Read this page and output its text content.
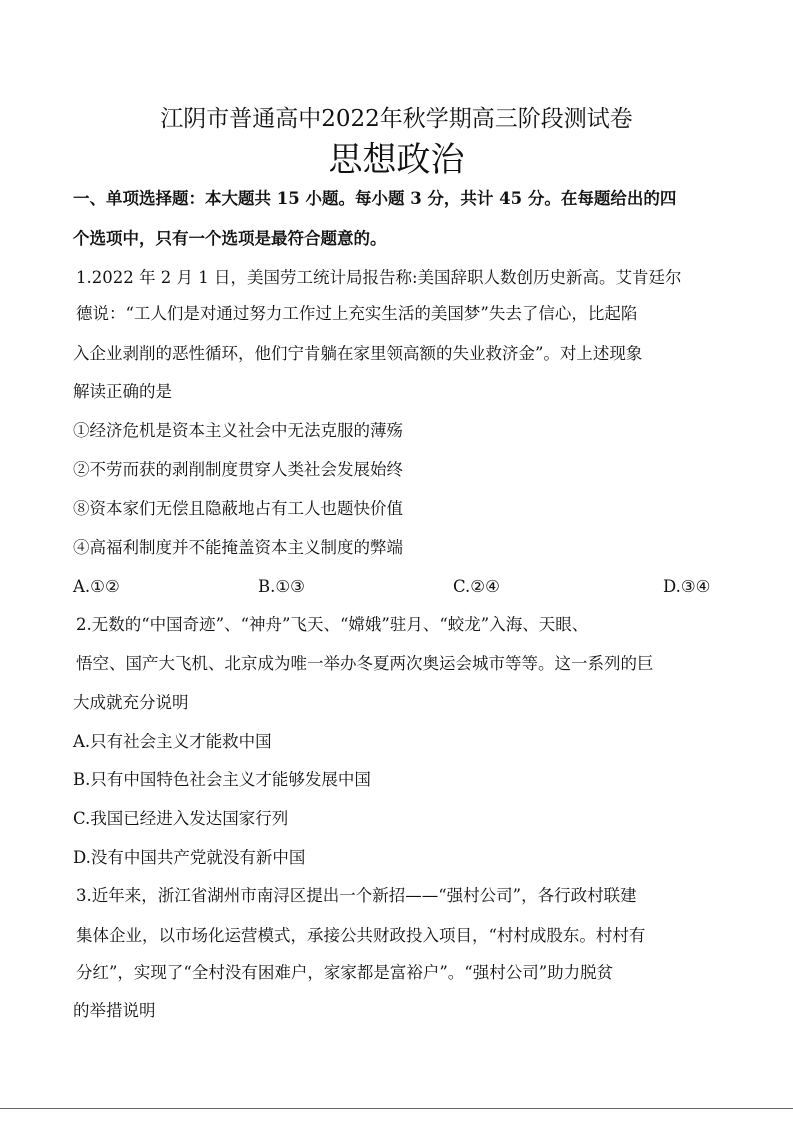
江阴市普通高中2022年秋学期高三阶段测试卷
思想政治
一、单项选择题：本大题共 15 小题。每小题 3 分，共计 45 分。在每题给出的四
个选项中，只有一个选项是最符合题意的。
1.2022 年 2 月 1 日，美国劳工统计局报告称:美国辞职人数创历史新高。艾肯廷尔
德说：“工人们是对通过努力工作过上充实生活的美国梦”失去了信心，比起陷
入企业剥削的恶性循环，他们宁肯躺在家里领高额的失业救济金”。对上述现象
解读正确的是
①经济危机是资本主义社会中无法克服的薄殇
②不劳而获的剥削制度贯穿人类社会发展始终
⑧资本家们无偿且隐蔽地占有工人也题快价值
④高福利制度并不能掩盖资本主义制度的弊端
A.①②	B.①③	C.②④	D.③④
2.无数的“中国奇迹”、“神舟”飞天、“嫦娥”驻月、“蛟龙”入海、天眼、
悟空、国产大飞机、北京成为唯一举办冬夏两次奥运会城市等等。这一系列的巨
大成就充分说明
A.只有社会主义才能救中国
B.只有中国特色社会主义才能够发展中国
C.我国已经进入发达国家行列
D.没有中国共产党就没有新中国
3.近年来，浙江省湖州市南浔区提出一个新招——“强村公司”，各行政村联建
集体企业，以市场化运营模式，承接公共财政投入项目，“村村成股东。村村有
分红”，实现了“全村没有困难户，家家都是富裕户”。“强村公司”助力脱贫
的举措说明
